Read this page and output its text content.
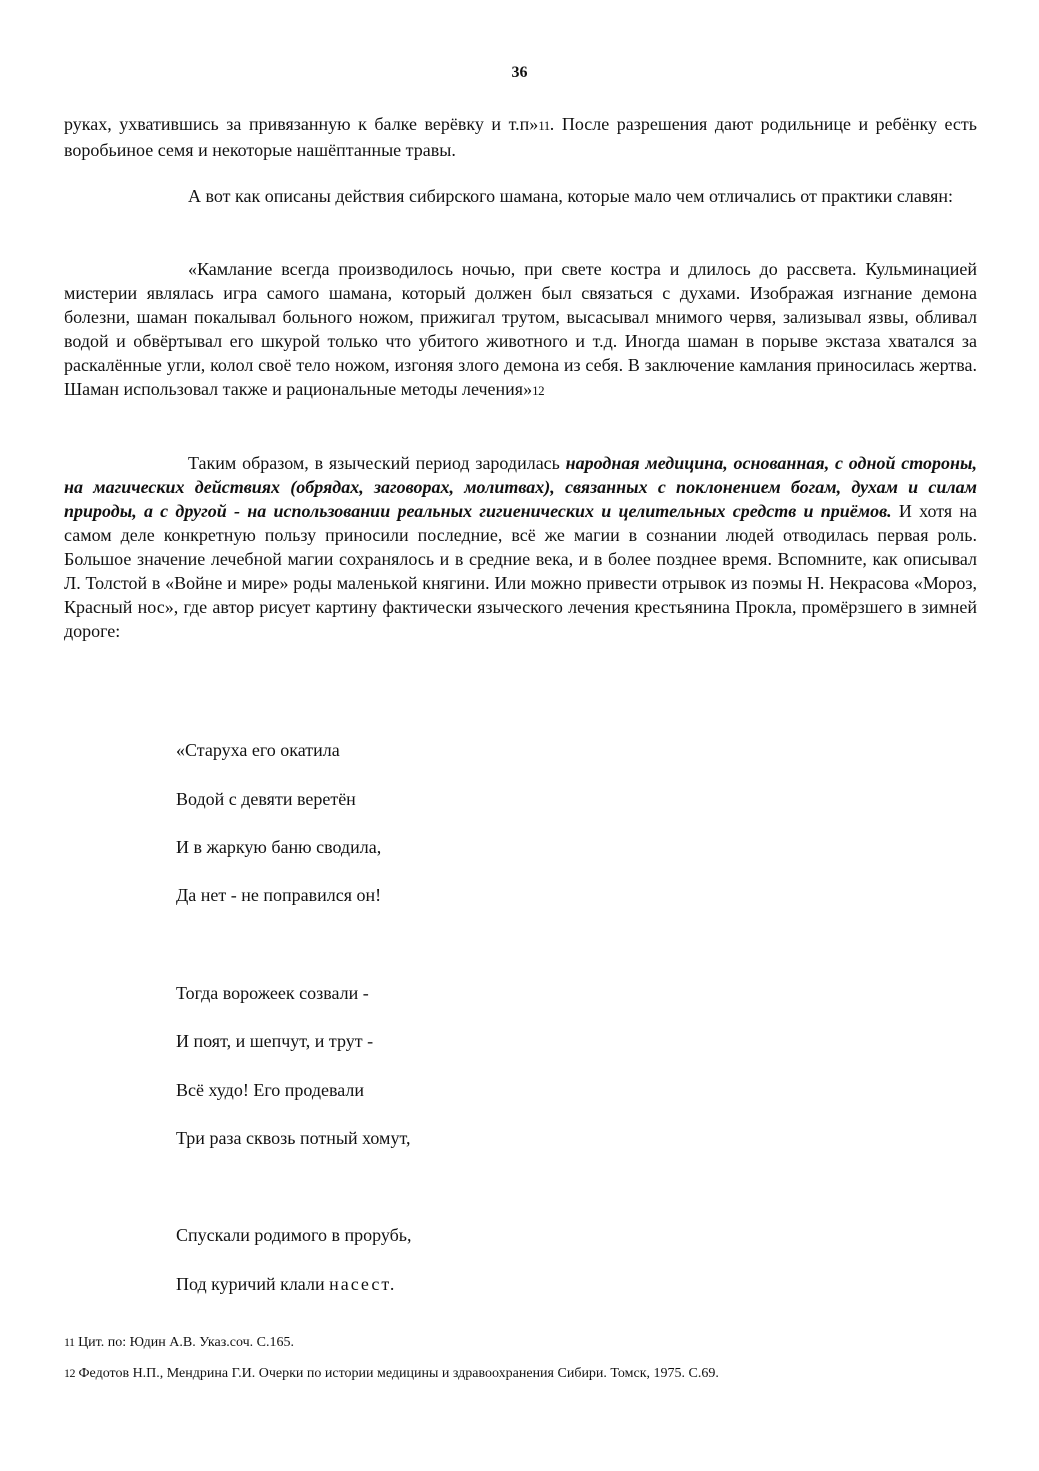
36

руках, ухватившись за привязанную к балке верёвку и т.п»11. После разрешения дают родильнице и ребёнку есть воробьиное семя и некоторые нашёптанные травы.

А вот как описаны действия сибирского шамана, которые мало чем отличались от практики славян:

«Камлание всегда производилось ночью, при свете костра и длилось до рассвета. Кульминацией мистерии являлась игра самого шамана, который должен был связаться с духами. Изображая изгнание демона болезни, шаман покалывал больного ножом, прижигал трутом, высасывал мнимого червя, зализывал язвы, обливал водой и обвёртывал его шкурой только что убитого животного и т.д. Иногда шаман в порыве экстаза хватался за раскалённые угли, колол своё тело ножом, изгоняя злого демона из себя. В заключение камлания приносилась жертва. Шаман использовал также и рациональные методы лечения»12

Таким образом, в языческий период зародилась народная медицина, основанная, с одной стороны, на магических действиях (обрядах, заговорах, молитвах), связанных с поклонением богам, духам и силам природы, а с другой - на использовании реальных гигиенических и целительных средств и приёмов. И хотя на самом деле конкретную пользу приносили последние, всё же магии в сознании людей отводилась первая роль. Большое значение лечебной магии сохранялось и в средние века, и в более позднее время. Вспомните, как описывал Л. Толстой в «Войне и мире» роды маленькой княгини. Или можно привести отрывок из поэмы Н. Некрасова «Мороз, Красный нос», где автор рисует картину фактически языческого лечения крестьянина Прокла, промёрзшего в зимней дороге:

«Старуха его окатила

Водой с девяти веретён

И в жаркую баню сводила,

Да нет - не поправился он!

Тогда ворожеек созвали -

И поят, и шепчут, и трут -

Всё худо! Его продевали

Три раза сквозь потный хомут,

Спускали родимого в прорубь,

Под куричий клали насест.

11 Цит. по: Юдин А.В. Указ.соч. С.165.

12 Федотов Н.П., Мендрина Г.И. Очерки по истории медицины и здравоохранения Сибири. Томск, 1975. С.69.
